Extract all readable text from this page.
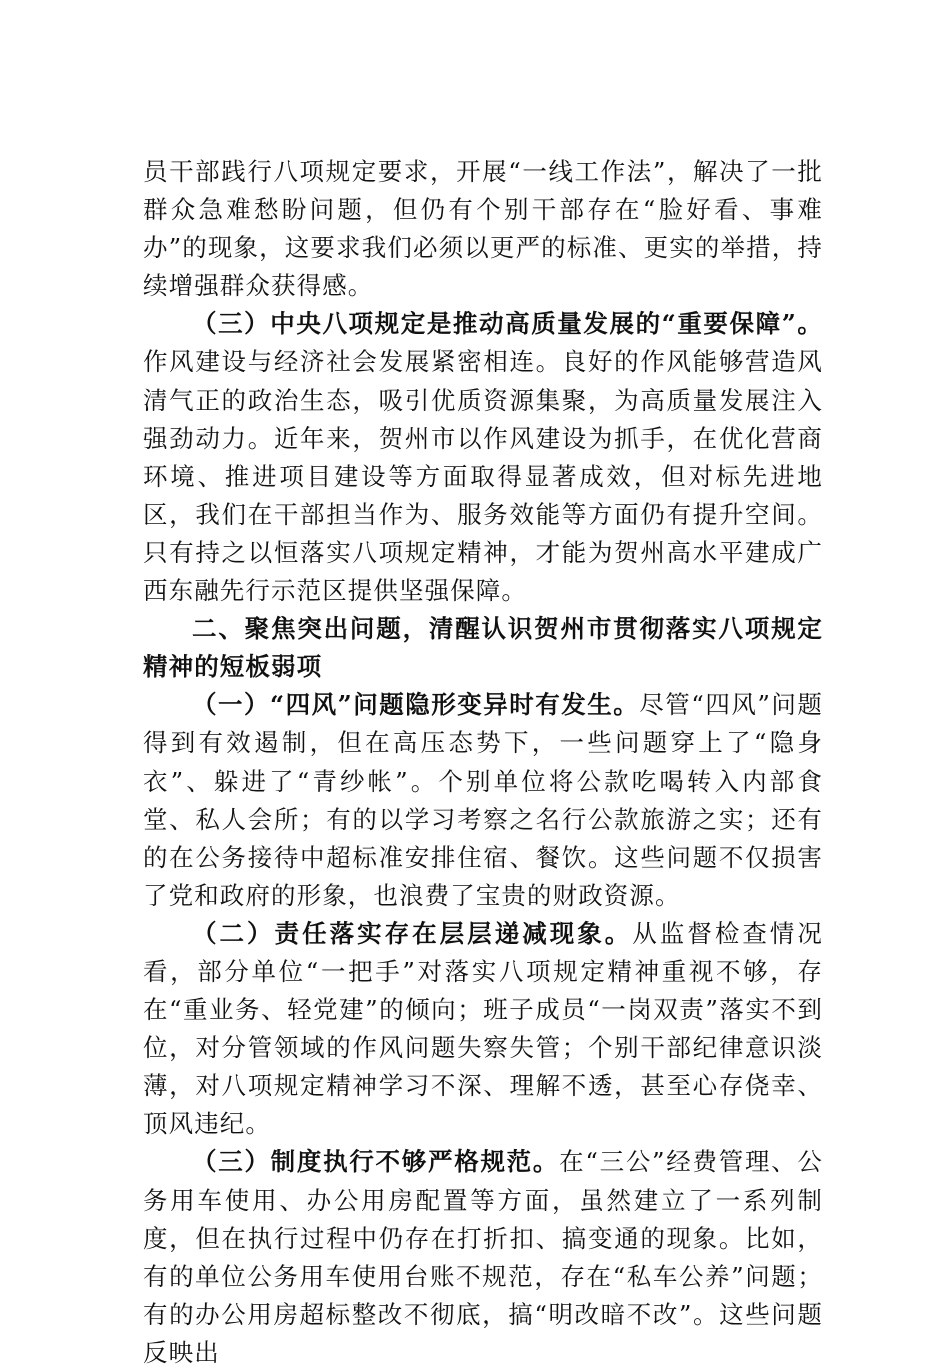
员干部践行八项规定要求，开展“一线工作法”，解决了一批群众急难愁盼问题，但仍有个别干部存在“脸好看、事难办”的现象，这要求我们必须以更严的标准、更实的举措，持续增强群众获得感。

（三）中央八项规定是推动高质量发展的“重要保障”。作风建设与经济社会发展紧密相连。良好的作风能够营造风清气正的政治生态，吸引优质资源集聚，为高质量发展注入强劲动力。近年来，贺州市以作风建设为抓手，在优化营商环境、推进项目建设等方面取得显著成效，但对标先进地区，我们在干部担当作为、服务效能等方面仍有提升空间。只有持之以恒落实八项规定精神，才能为贺州高水平建成广西东融先行示范区提供坚强保障。

二、聚焦突出问题，清醒认识贺州市贯彻落实八项规定精神的短板弱项

（一）“四风”问题隐形变异时有发生。尽管“四风”问题得到有效遏制，但在高压态势下，一些问题穿上了“隐身衣”、躲进了“青纱帐”。个别单位将公款吃喝转入内部食堂、私人会所；有的以学习考察之名行公款旅游之实；还有的在公务接待中超标准安排住宿、餐饮。这些问题不仅损害了党和政府的形象，也浪费了宝贵的财政资源。

（二）责任落实存在层层递减现象。从监督检查情况看，部分单位“一把手”对落实八项规定精神重视不够，存在“重业务、轻党建”的倾向；班子成员“一岗双责”落实不到位，对分管领域的作风问题失察失管；个别干部纪律意识淡薄，对八项规定精神学习不深、理解不透，甚至心存侥幸、顶风违纪。

（三）制度执行不够严格规范。在“三公”经费管理、公务用车使用、办公用房配置等方面，虽然建立了一系列制度，但在执行过程中仍存在打折扣、搞变通的现象。比如，有的单位公务用车使用台账不规范，存在“私车公养”问题；有的办公用房超标整改不彻底，搞“明改暗不改”。这些问题反映出
